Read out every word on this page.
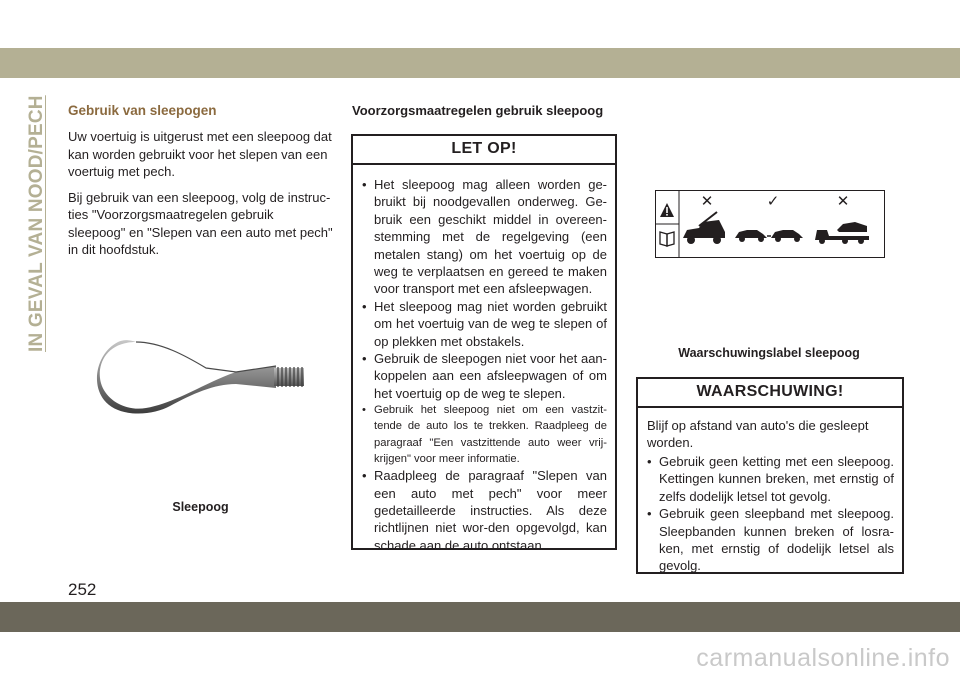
IN GEVAL VAN NOOD/PECH Gebruik van sleepogen

Uw voertuig is uitgerust met een sleepoog dat kan worden gebruikt voor het slepen van een voertuig met pech.

Bij gebruik van een sleepoog, volg de instruc-ties "Voorzorgsmaatregelen gebruik sleepoog" en "Slepen van een auto met pech" in dit hoofdstuk.

Sleepoog
Voorzorgsmaatregelen gebruik sleepoog
LET OP!
• Het sleepoog mag alleen worden ge-bruikt bij noodgevallen onderweg. Ge-bruik een geschikt middel in overeen-stemming met de regelgeving (een metalen stang) om het voertuig op de weg te verplaatsen en gereed te maken voor transport met een afsleepwagen.
• Het sleepoog mag niet worden gebruikt om het voertuig van de weg te slepen of op plekken met obstakels.
• Gebruik de sleepogen niet voor het aan-koppelen aan een afsleepwagen of om het voertuig op de weg te slepen.
• Gebruik het sleepoog niet om een vastzit-tende de auto los te trekken. Raadpleeg de paragraaf "Een vastzittende auto weer vrij-krijgen" voor meer informatie.
• Raadpleeg de paragraaf "Slepen van een auto met pech" voor meer gedetailleerde instructies. Als deze richtlijnen niet wor-den opgevolgd, kan schade aan de auto ontstaan.
✕	✓	✕
Waarschuwingslabel sleepoog
WAARSCHUWING!

Blijf op afstand van auto's die gesleept worden.

• Gebruik geen ketting met een sleepoog. Kettingen kunnen breken, met ernstig of zelfs dodelijk letsel tot gevolg.
• Gebruik geen sleepband met sleepoog. Sleepbanden kunnen breken of losra-ken, met ernstig of dodelijk letsel als gevolg.
252
carmanualsonline.info
